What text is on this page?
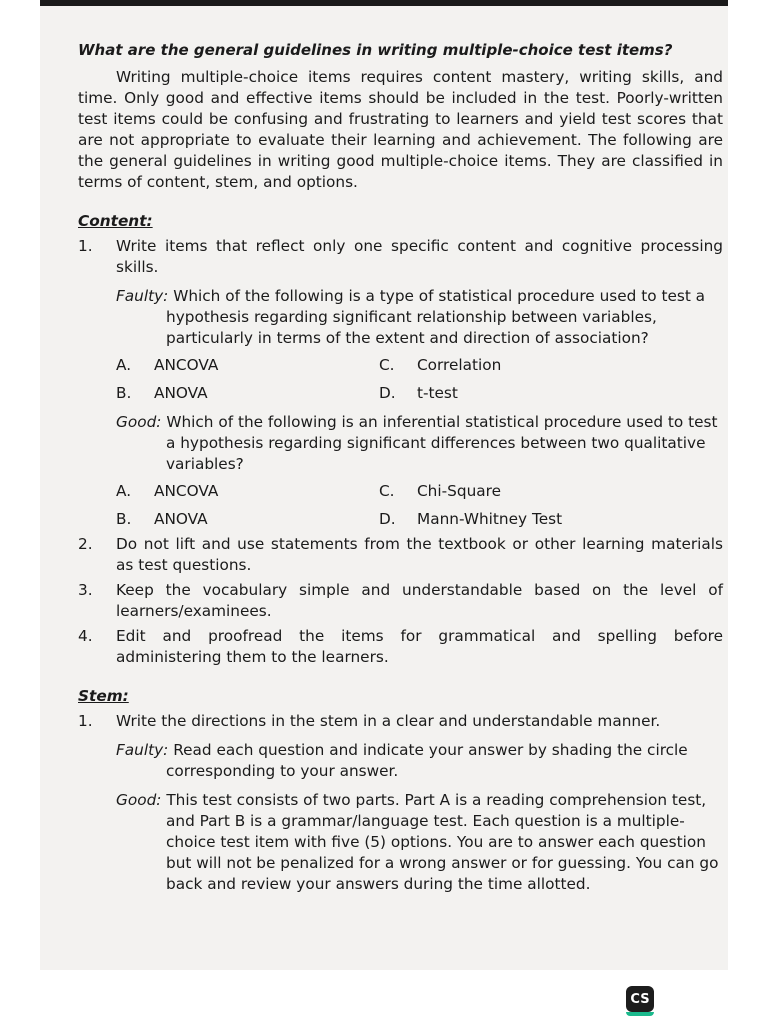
What are the general guidelines in writing multiple-choice test items?

Writing multiple-choice items requires content mastery, writing skills, and time. Only good and effective items should be included in the test. Poorly-written test items could be confusing and frustrating to learners and yield test scores that are not appropriate to evaluate their learning and achievement. The following are the general guidelines in writing good multiple-choice items. They are classified in terms of content, stem, and options.

Content:
1.	Write items that reflect only one specific content and cognitive processing skills.
Faulty: Which of the following is a type of statistical procedure used to test a hypothesis regarding significant relationship between variables, particularly in terms of the extent and direction of association?
A.	ANCOVA	C.	Correlation
B.	ANOVA	D.	t-test
Good: Which of the following is an inferential statistical procedure used to test a hypothesis regarding significant differences between two qualitative variables?
A.	ANCOVA	C.	Chi-Square
B.	ANOVA	D.	Mann-Whitney Test
2.	Do not lift and use statements from the textbook or other learning materials as test questions.
3.	Keep the vocabulary simple and understandable based on the level of learners/examinees.
4.	Edit and proofread the items for grammatical and spelling before administering them to the learners.
Stem:
1.	Write the directions in the stem in a clear and understandable manner.
Faulty: Read each question and indicate your answer by shading the circle corresponding to your answer.
Good: This test consists of two parts. Part A is a reading comprehension test, and Part B is a grammar/language test. Each question is a multiple-choice test item with five (5) options. You are to answer each question but will not be penalized for a wrong answer or for guessing. You can go back and review your answers during the time allotted.
CS
